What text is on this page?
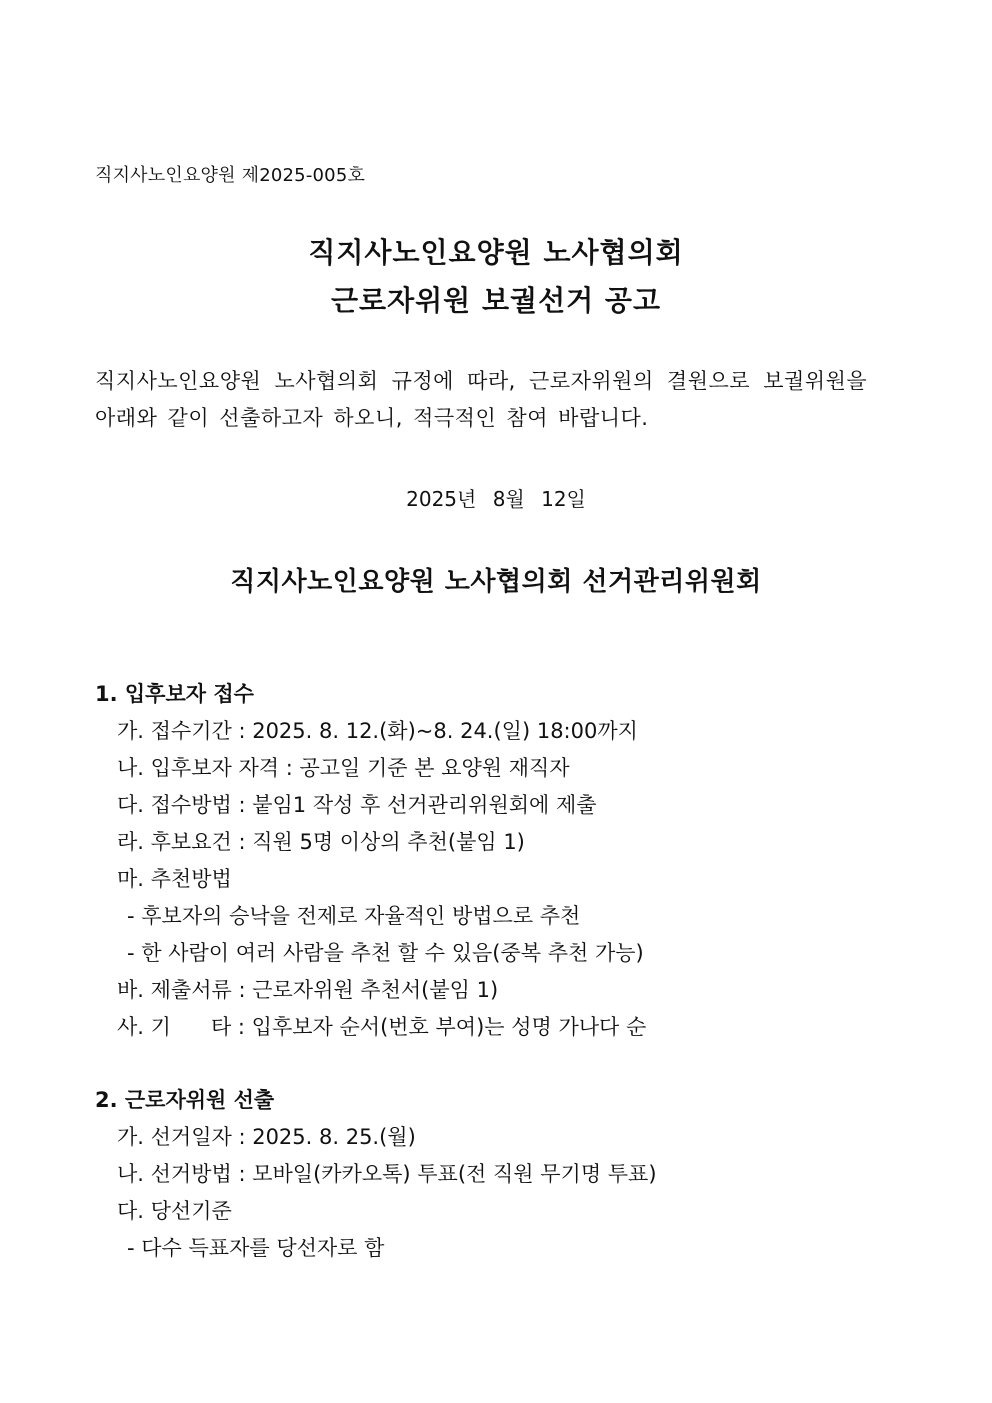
직지사노인요양원 제2025-005호
직지사노인요양원 노사협의회
근로자위원 보궐선거 공고
직지사노인요양원 노사협의회 규정에 따라, 근로자위원의 결원으로 보궐위원을
아래와 같이 선출하고자 하오니, 적극적인 참여 바랍니다.
2025년 8월 12일
직지사노인요양원 노사협의회 선거관리위원회
1. 입후보자 접수
가. 접수기간 : 2025. 8. 12.(화)~8. 24.(일) 18:00까지
나. 입후보자 자격 : 공고일 기준 본 요양원 재직자
다. 접수방법 : 붙임1 작성 후 선거관리위원회에 제출
라. 후보요건 : 직원 5명 이상의 추천(붙임 1)
마. 추천방법
- 후보자의 승낙을 전제로 자율적인 방법으로 추천
- 한 사람이 여러 사람을 추천 할 수 있음(중복 추천 가능)
바. 제출서류 : 근로자위원 추천서(붙임 1)
사. 기      타 : 입후보자 순서(번호 부여)는 성명 가나다 순
2. 근로자위원 선출
가. 선거일자 : 2025. 8. 25.(월)
나. 선거방법 : 모바일(카카오톡) 투표(전 직원 무기명 투표)
다. 당선기준
- 다수 득표자를 당선자로 함
